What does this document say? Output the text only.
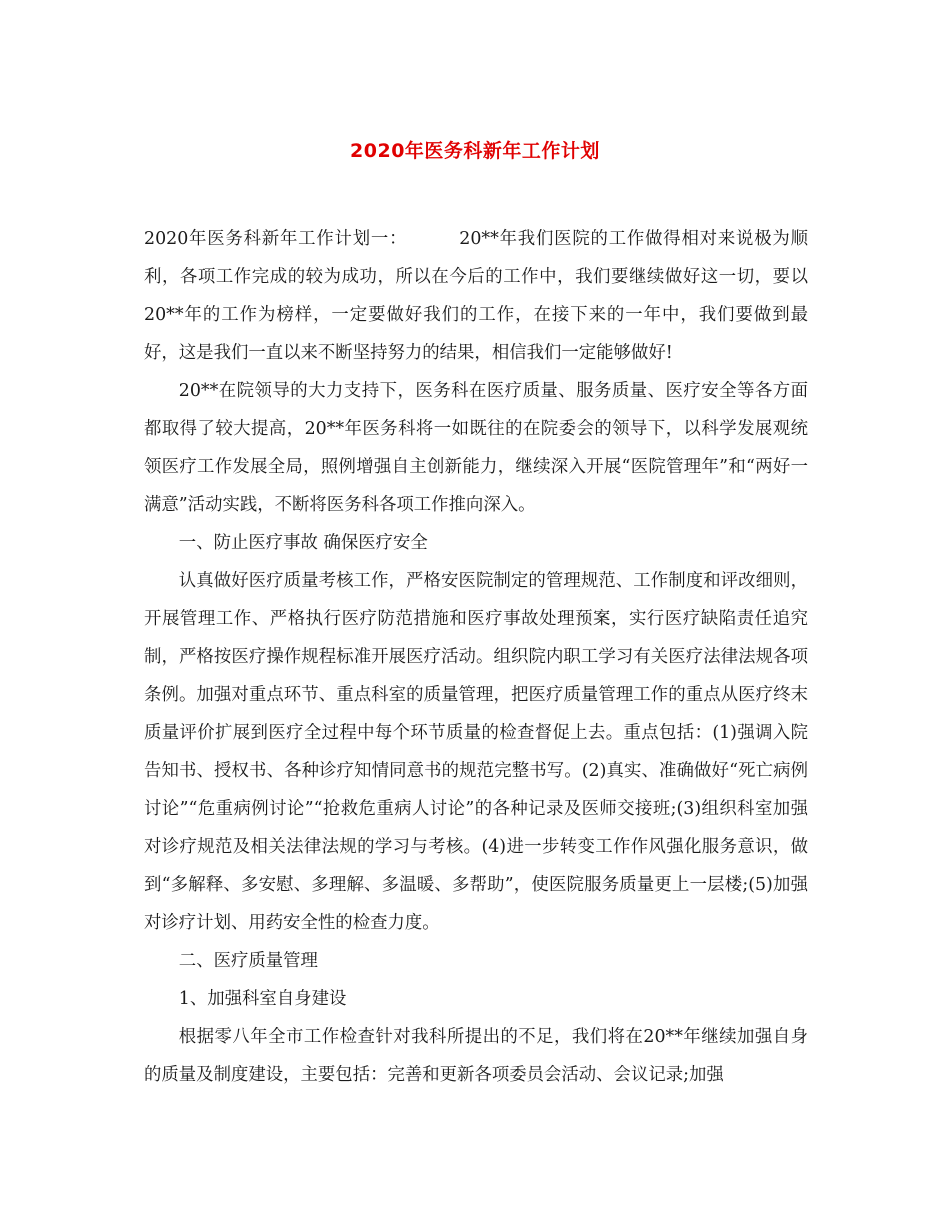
2020年医务科新年工作计划

2020年医务科新年工作计划一：	20**年我们医院的工作做得相对来说极为顺利，各项工作完成的较为成功，所以在今后的工作中，我们要继续做好这一切，要以20**年的工作为榜样，一定要做好我们的工作，在接下来的一年中，我们要做到最好，这是我们一直以来不断坚持努力的结果，相信我们一定能够做好!

20**在院领导的大力支持下，医务科在医疗质量、服务质量、医疗安全等各方面都取得了较大提高，20**年医务科将一如既往的在院委会的领导下，以科学发展观统领医疗工作发展全局，照例增强自主创新能力，继续深入开展“医院管理年”和“两好一满意”活动实践，不断将医务科各项工作推向深入。

一、防止医疗事故 确保医疗安全

认真做好医疗质量考核工作，严格安医院制定的管理规范、工作制度和评改细则，开展管理工作、严格执行医疗防范措施和医疗事故处理预案，实行医疗缺陷责任追究制，严格按医疗操作规程标准开展医疗活动。组织院内职工学习有关医疗法律法规各项条例。加强对重点环节、重点科室的质量管理，把医疗质量管理工作的重点从医疗终末质量评价扩展到医疗全过程中每个环节质量的检查督促上去。重点包括：(1)强调入院告知书、授权书、各种诊疗知情同意书的规范完整书写。(2)真实、准确做好“死亡病例讨论”“危重病例讨论”“抢救危重病人讨论”的各种记录及医师交接班;(3)组织科室加强对诊疗规范及相关法律法规的学习与考核。(4)进一步转变工作作风强化服务意识，做到“多解释、多安慰、多理解、多温暖、多帮助”，使医院服务质量更上一层楼;(5)加强对诊疗计划、用药安全性的检查力度。

二、医疗质量管理

1、加强科室自身建设

根据零八年全市工作检查针对我科所提出的不足，我们将在20**年继续加强自身的质量及制度建设，主要包括：完善和更新各项委员会活动、会议记录;加强
